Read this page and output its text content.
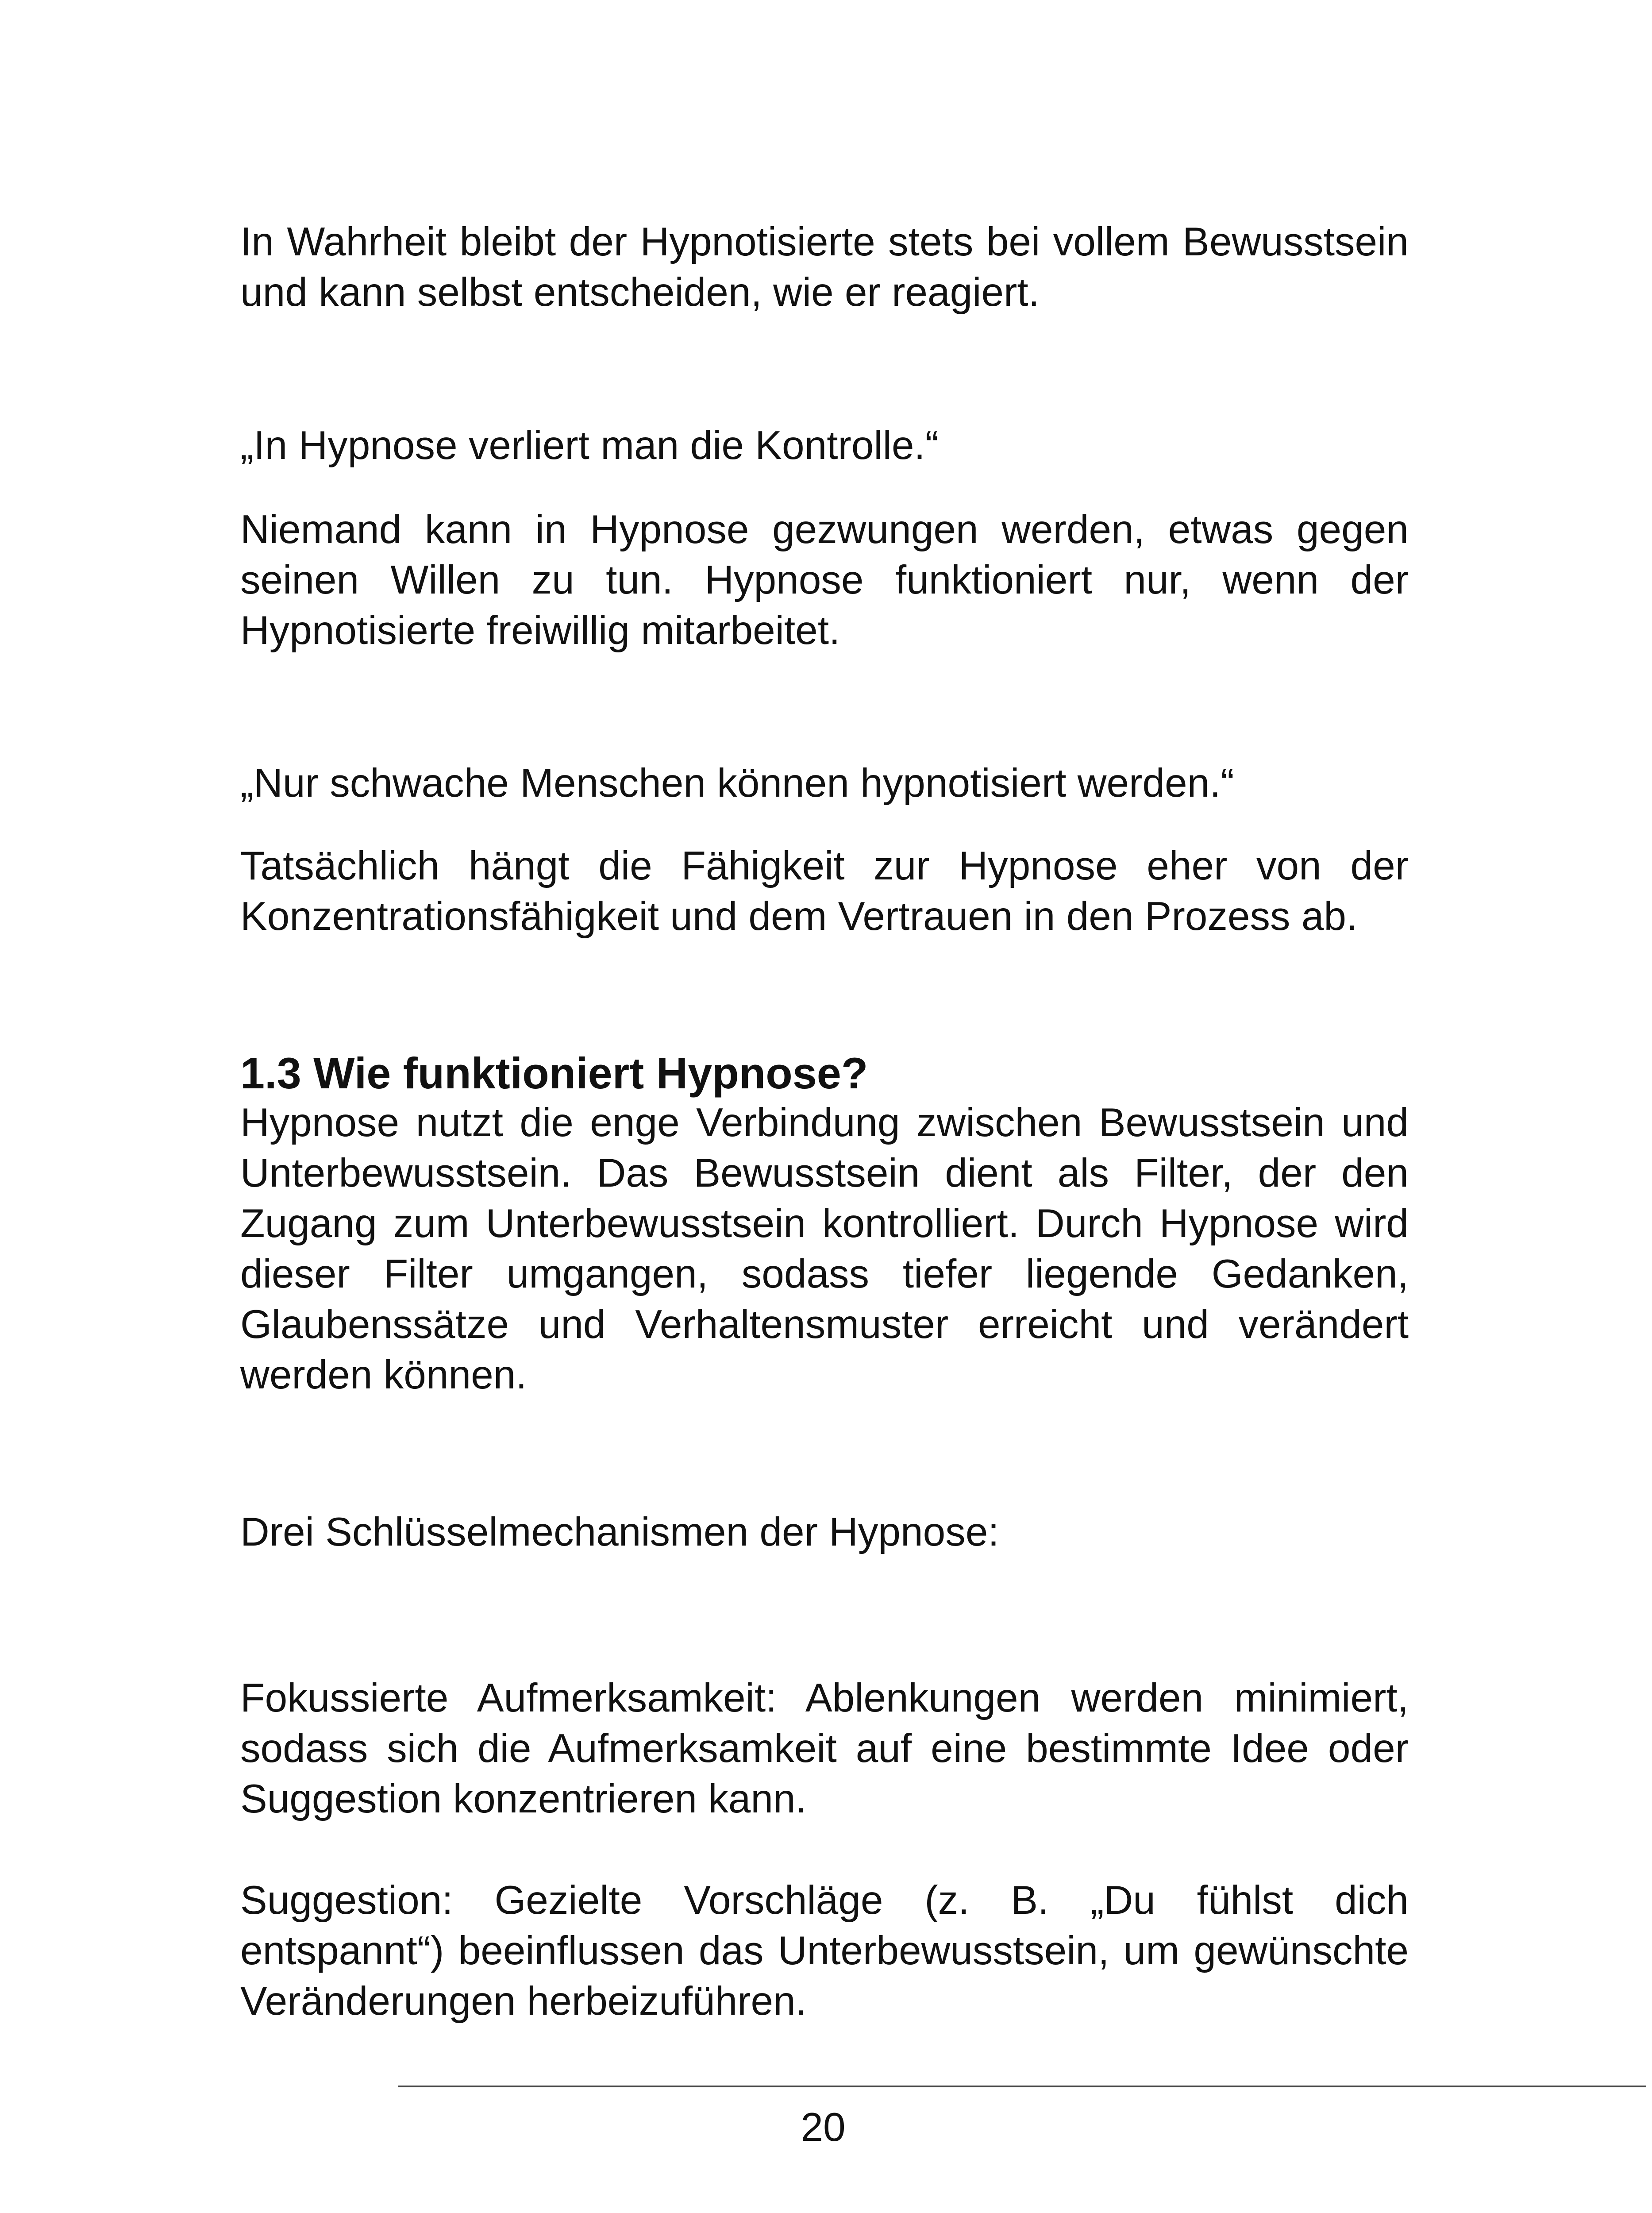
In Wahrheit bleibt der Hypnotisierte stets bei vollem Bewusstsein und kann selbst entscheiden, wie er reagiert.

„In Hypnose verliert man die Kontrolle.“

Niemand kann in Hypnose gezwungen werden, etwas gegen seinen Willen zu tun. Hypnose funktioniert nur, wenn der Hypnotisierte freiwillig mitarbeitet.

„Nur schwache Menschen können hypnotisiert werden.“

Tatsächlich hängt die Fähigkeit zur Hypnose eher von der Konzentrationsfähigkeit und dem Vertrauen in den Prozess ab.

1.3 Wie funktioniert Hypnose?

Hypnose nutzt die enge Verbindung zwischen Bewusstsein und Unterbewusstsein. Das Bewusstsein dient als Filter, der den Zugang zum Unterbewusstsein kontrolliert. Durch Hypnose wird dieser Filter umgangen, sodass tiefer liegende Gedanken, Glaubenssätze und Verhaltensmuster erreicht und verändert werden können.

Drei Schlüsselmechanismen der Hypnose:

Fokussierte Aufmerksamkeit: Ablenkungen werden minimiert, sodass sich die Aufmerksamkeit auf eine bestimmte Idee oder Suggestion konzentrieren kann.

Suggestion: Gezielte Vorschläge (z. B. „Du fühlst dich entspannt“) beeinflussen das Unterbewusstsein, um gewünschte Veränderungen herbeizuführen.

20
